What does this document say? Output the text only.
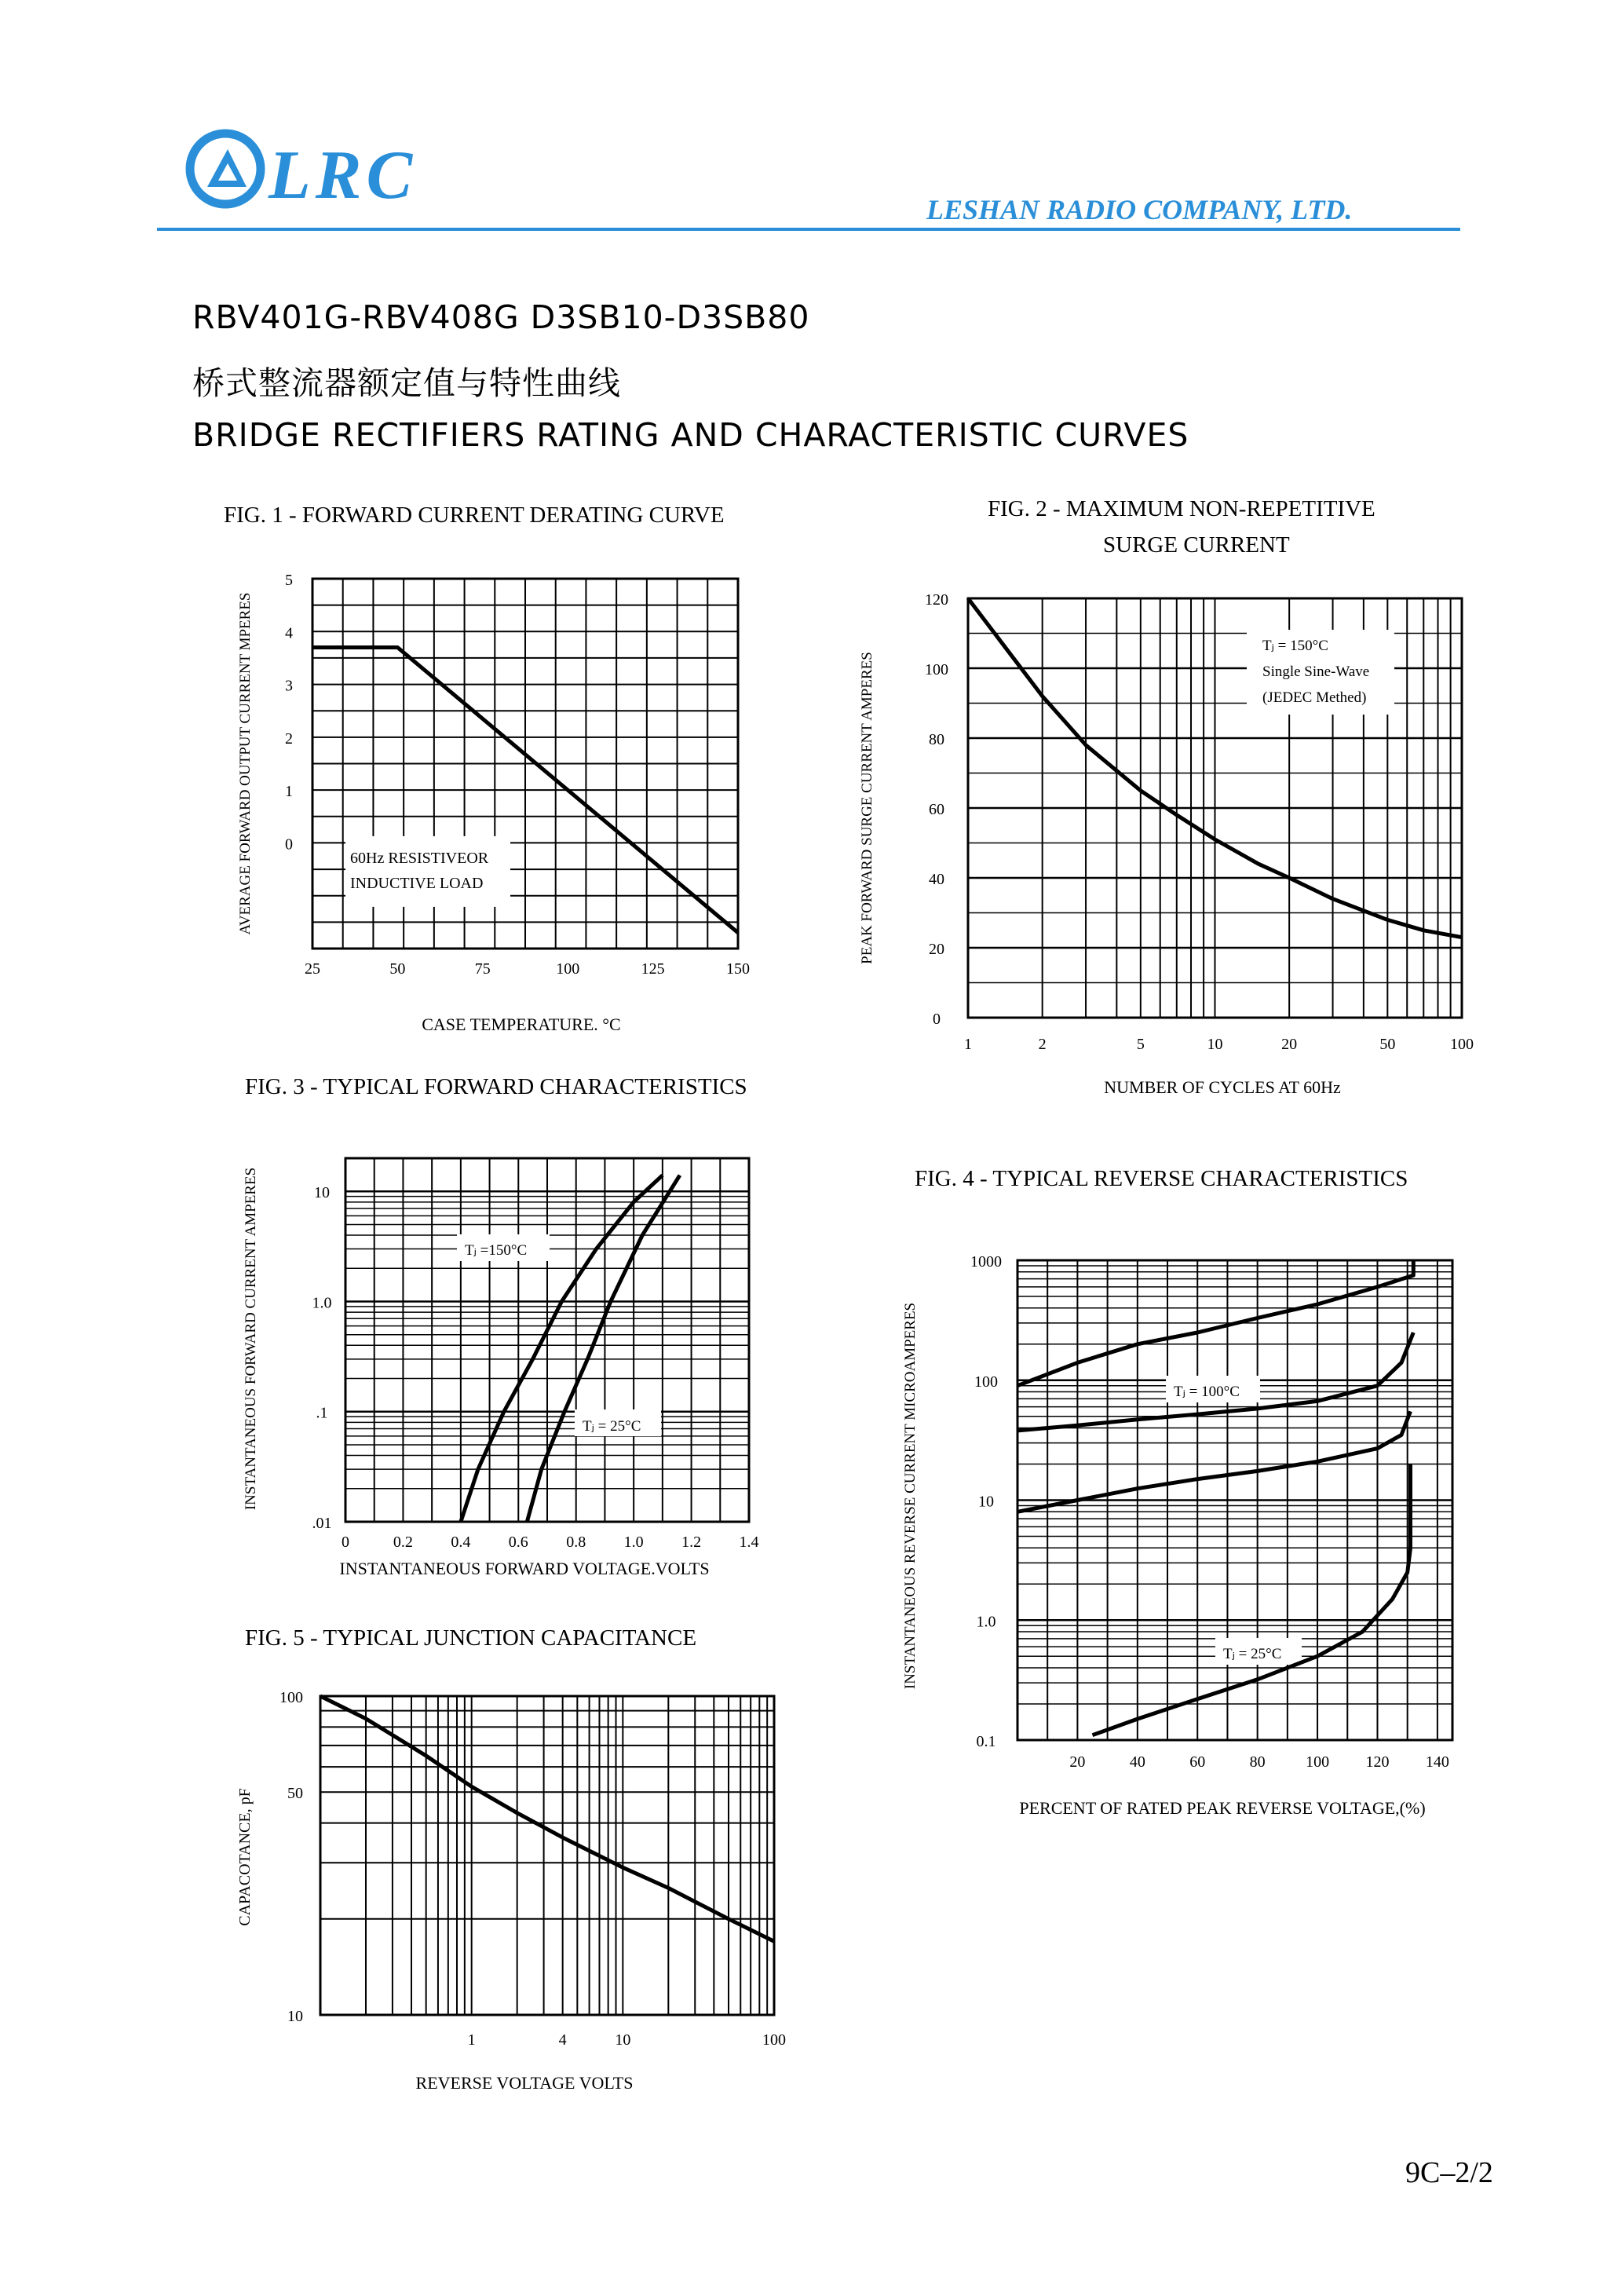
LRC	LESHAN RADIO COMPANY, LTD.
RBV401G-RBV408G D3SB10-D3SB80
桥式整流器额定值与特性曲线
BRIDGE RECTIFIERS RATING AND CHARACTERISTIC CURVES
FIG. 1 - FORWARD CURRENT DERATING CURVE	FIG. 2 - MAXIMUM NON-REPETITIVE
SURGE CURRENT
FIG. 3 - TYPICAL FORWARD CHARACTERISTICS
FIG. 4 - TYPICAL REVERSE CHARACTERISTICS
FIG. 5 - TYPICAL JUNCTION CAPACITANCE
5
4
3
2
1
0
25	50	75	100	125	150
60Hz RESISTIVEOR
INDUCTIVE LOAD
CASE TEMPERATURE. °C
AVERAGE FORWARD OUTPUT CURRENT MPERES	120
100
80
60
40
20
0
1	2	5	10	20	50	100
Tⱼ = 150°C
Single Sine-Wave
(JEDEC Methed)
NUMBER OF CYCLES AT 60Hz
PEAK FORWARD SURGE CURRENT AMPERES
10
1.0
.1
.01
0	0.2 0.4 0.6 0.8 1.0 1.2 1.4
Tⱼ =150°C
Tⱼ = 25°C
INSTANTANEOUS FORWARD VOLTAGE.VOLTS
INSTANTANEOUS FORWARD CURRENT AMPERES	1000
100
10
1.0
0.1
20	40	60	80	100 120 140
Tⱼ = 100°C
Tⱼ = 25°C
PERCENT OF RATED PEAK REVERSE VOLTAGE,(%)
INSTANTANEOUS REVERSE CURRENT MICROAMPERES
100
50
10
1	4	10	100
REVERSE VOLTAGE VOLTS
CAPACOTANCE, pF
9C–2/2
